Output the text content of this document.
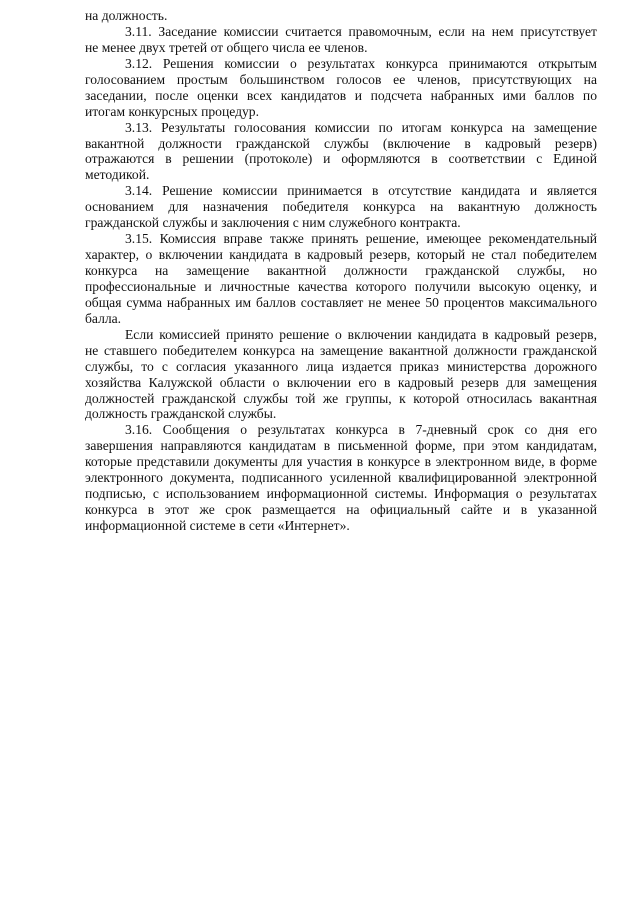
на должность.
3.11. Заседание комиссии считается правомочным, если на нем присутствует
не менее двух третей от общего числа ее членов.
3.12. Решения комиссии о результатах конкурса принимаются открытым
голосованием простым большинством голосов ее членов, присутствующих на
заседании, после оценки всех кандидатов и подсчета набранных ими баллов по
итогам конкурсных процедур.
3.13. Результаты голосования комиссии по итогам конкурса на замещение
вакантной должности гражданской службы (включение в кадровый резерв)
отражаются в решении (протоколе) и оформляются в соответствии с Единой
методикой.
3.14. Решение комиссии принимается в отсутствие кандидата и является
основанием для назначения победителя конкурса на вакантную должность
гражданской службы и заключения с ним служебного контракта.
3.15. Комиссия вправе также принять решение, имеющее рекомендательный
характер, о включении кандидата в кадровый резерв, который не стал победителем
конкурса на замещение вакантной должности гражданской службы, но
профессиональные и личностные качества которого получили высокую оценку, и
общая сумма набранных им баллов составляет не менее 50 процентов максимального
балла.
Если комиссией принято решение о включении кандидата в кадровый резерв,
не ставшего победителем конкурса на замещение вакантной должности гражданской
службы, то с согласия указанного лица издается приказ министерства дорожного
хозяйства Калужской области о включении его в кадровый резерв для замещения
должностей гражданской службы той же группы, к которой относилась вакантная
должность гражданской службы.
3.16. Сообщения о результатах конкурса в 7-дневный срок со дня его
завершения направляются кандидатам в письменной форме, при этом кандидатам,
которые представили документы для участия в конкурсе в электронном виде, в форме
электронного документа, подписанного усиленной квалифицированной электронной
подписью, с использованием информационной системы. Информация о результатах
конкурса в этот же срок размещается на официальный сайте и в указанной
информационной системе в сети «Интернет».
